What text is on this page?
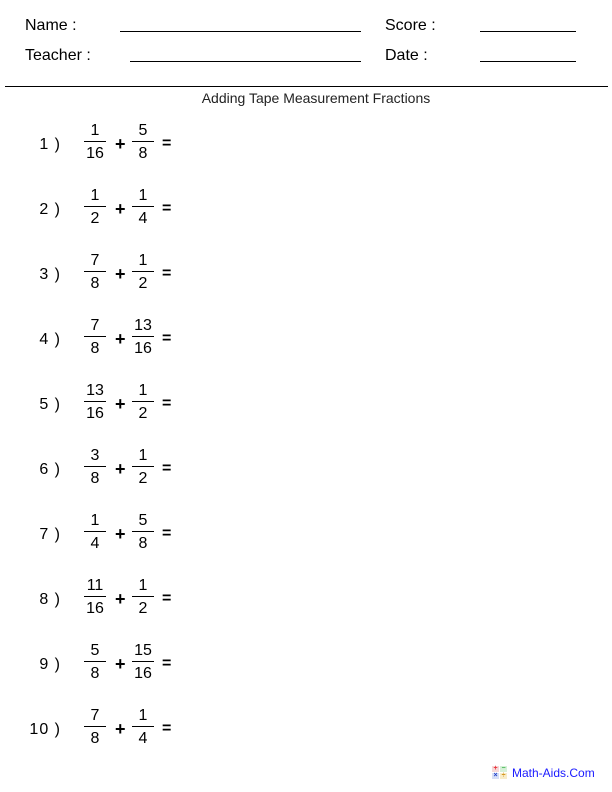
Name :
Teacher :
Score :
Date :
Adding Tape Measurement Fractions
1 )
1
16 +
5
8
=
2 )
1
2 +
1
4
=
3 )
7
8 +
1
2
=
4 )
7
8 +
13
16
=
5 )
13
16 +
1
2
=
6 )
3
8 +
1
2
=
7 )
1
4 +
5
8
=
8 )
11
16 +
1
2
=
9 )
5
8 +
15
16
=
10 )
7
8 +
1
4
=
+ −
× ÷ Math-Aids.Com
